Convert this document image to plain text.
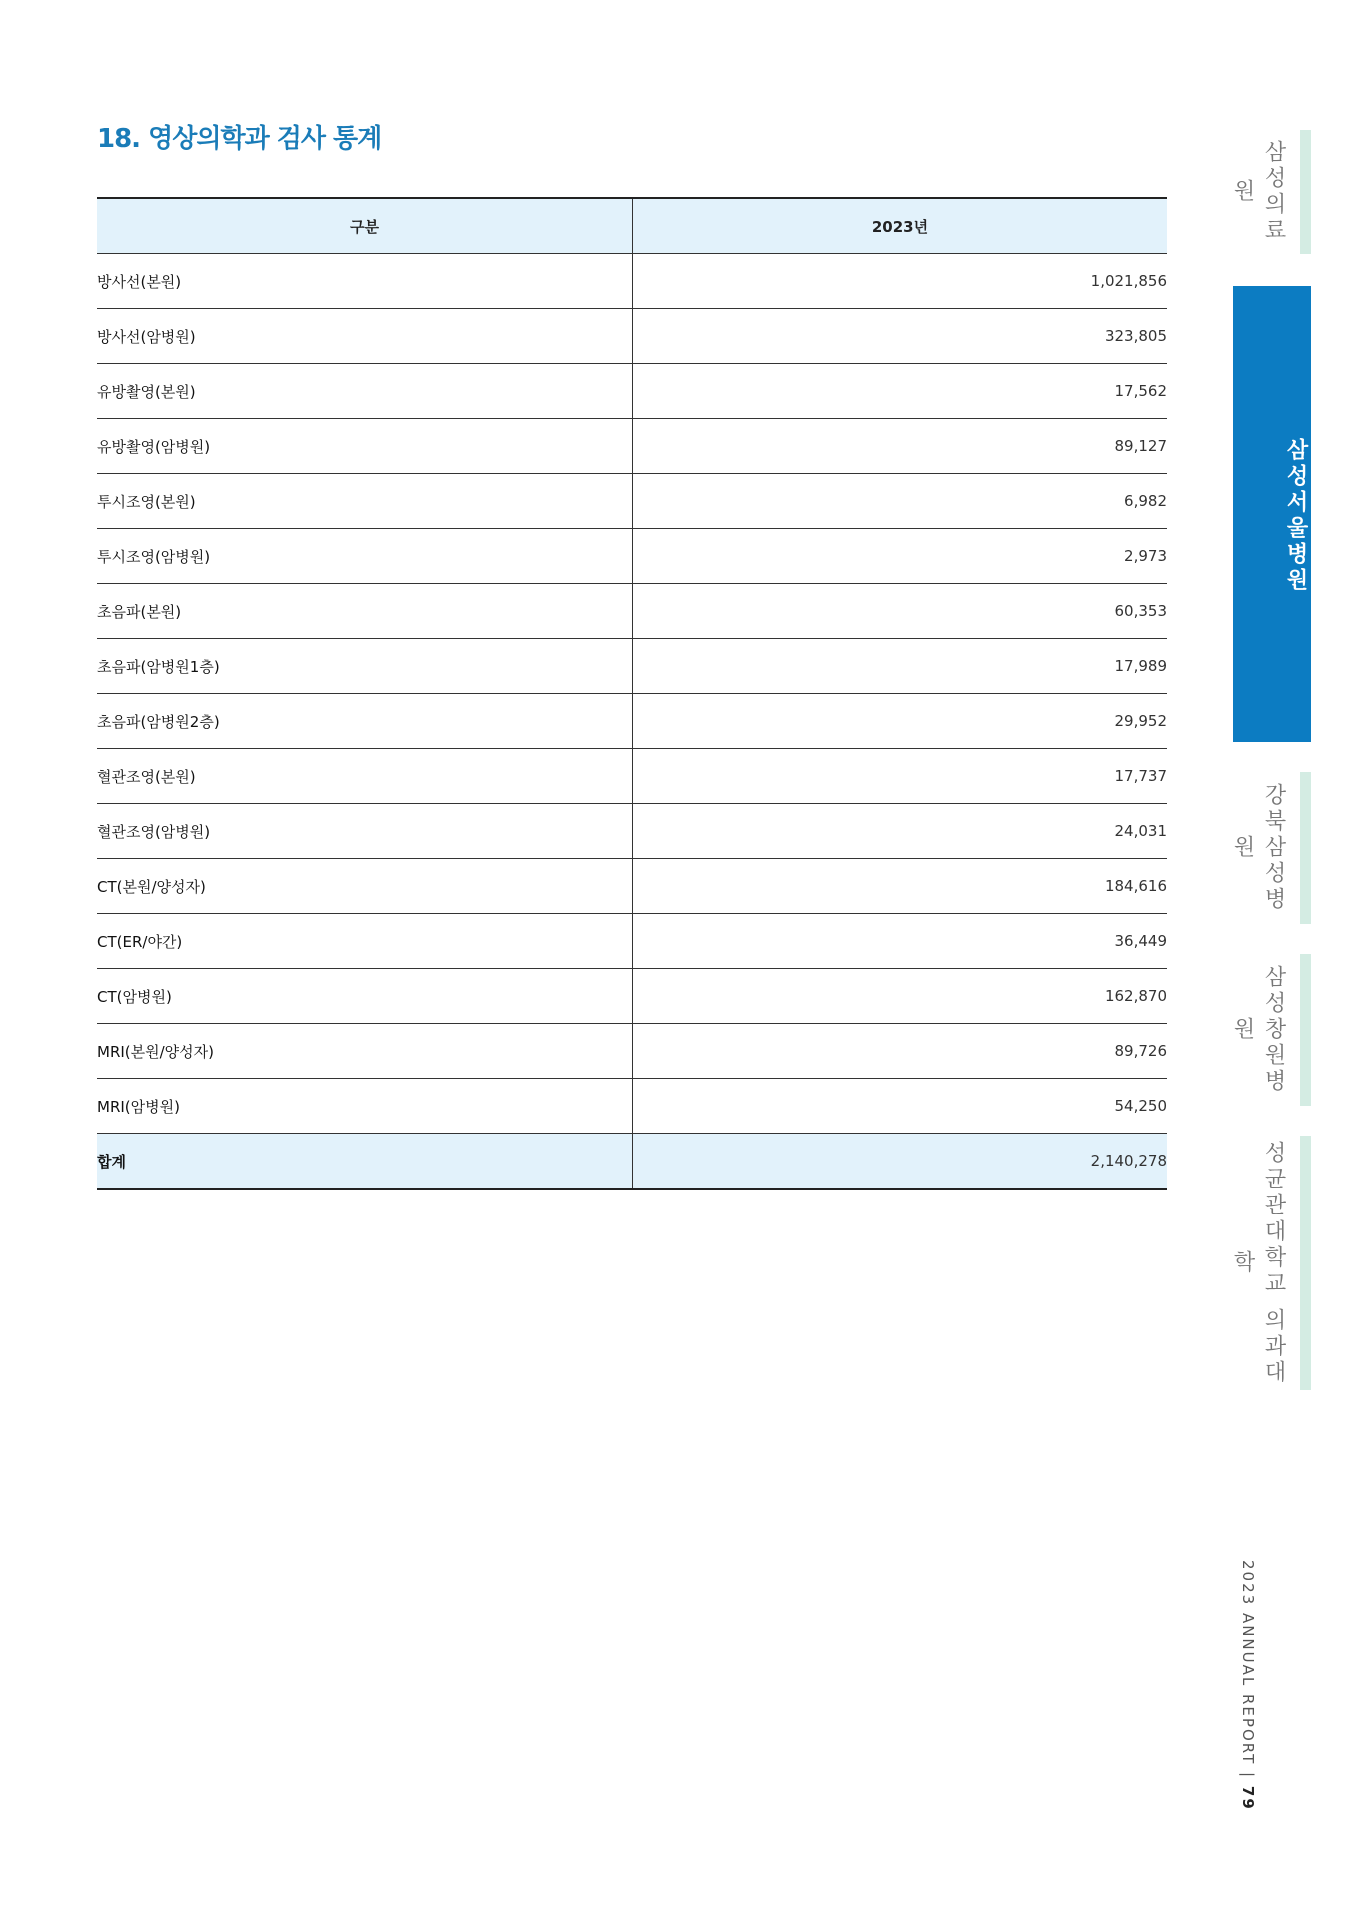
18. 영상의학과 검사 통계
구분	2023년
방사선(본원)	1,021,856
방사선(암병원)	323,805
유방촬영(본원)	17,562
유방촬영(암병원)	89,127
투시조영(본원)	6,982
투시조영(암병원)	2,973
초음파(본원)	60,353
초음파(암병원1층)	17,989
초음파(암병원2층)	29,952
혈관조영(본원)	17,737
혈관조영(암병원)	24,031
CT(본원/양성자)	184,616
CT(ER/야간)	36,449
CT(암병원)	162,870
MRI(본원/양성자)	89,726
MRI(암병원)	54,250
합계	2,140,278
삼성의료원
삼성서울병원
강북삼성병원
삼성창원병원
성균관대학교 의과대학
2023 ANNUAL REPORT | 79
